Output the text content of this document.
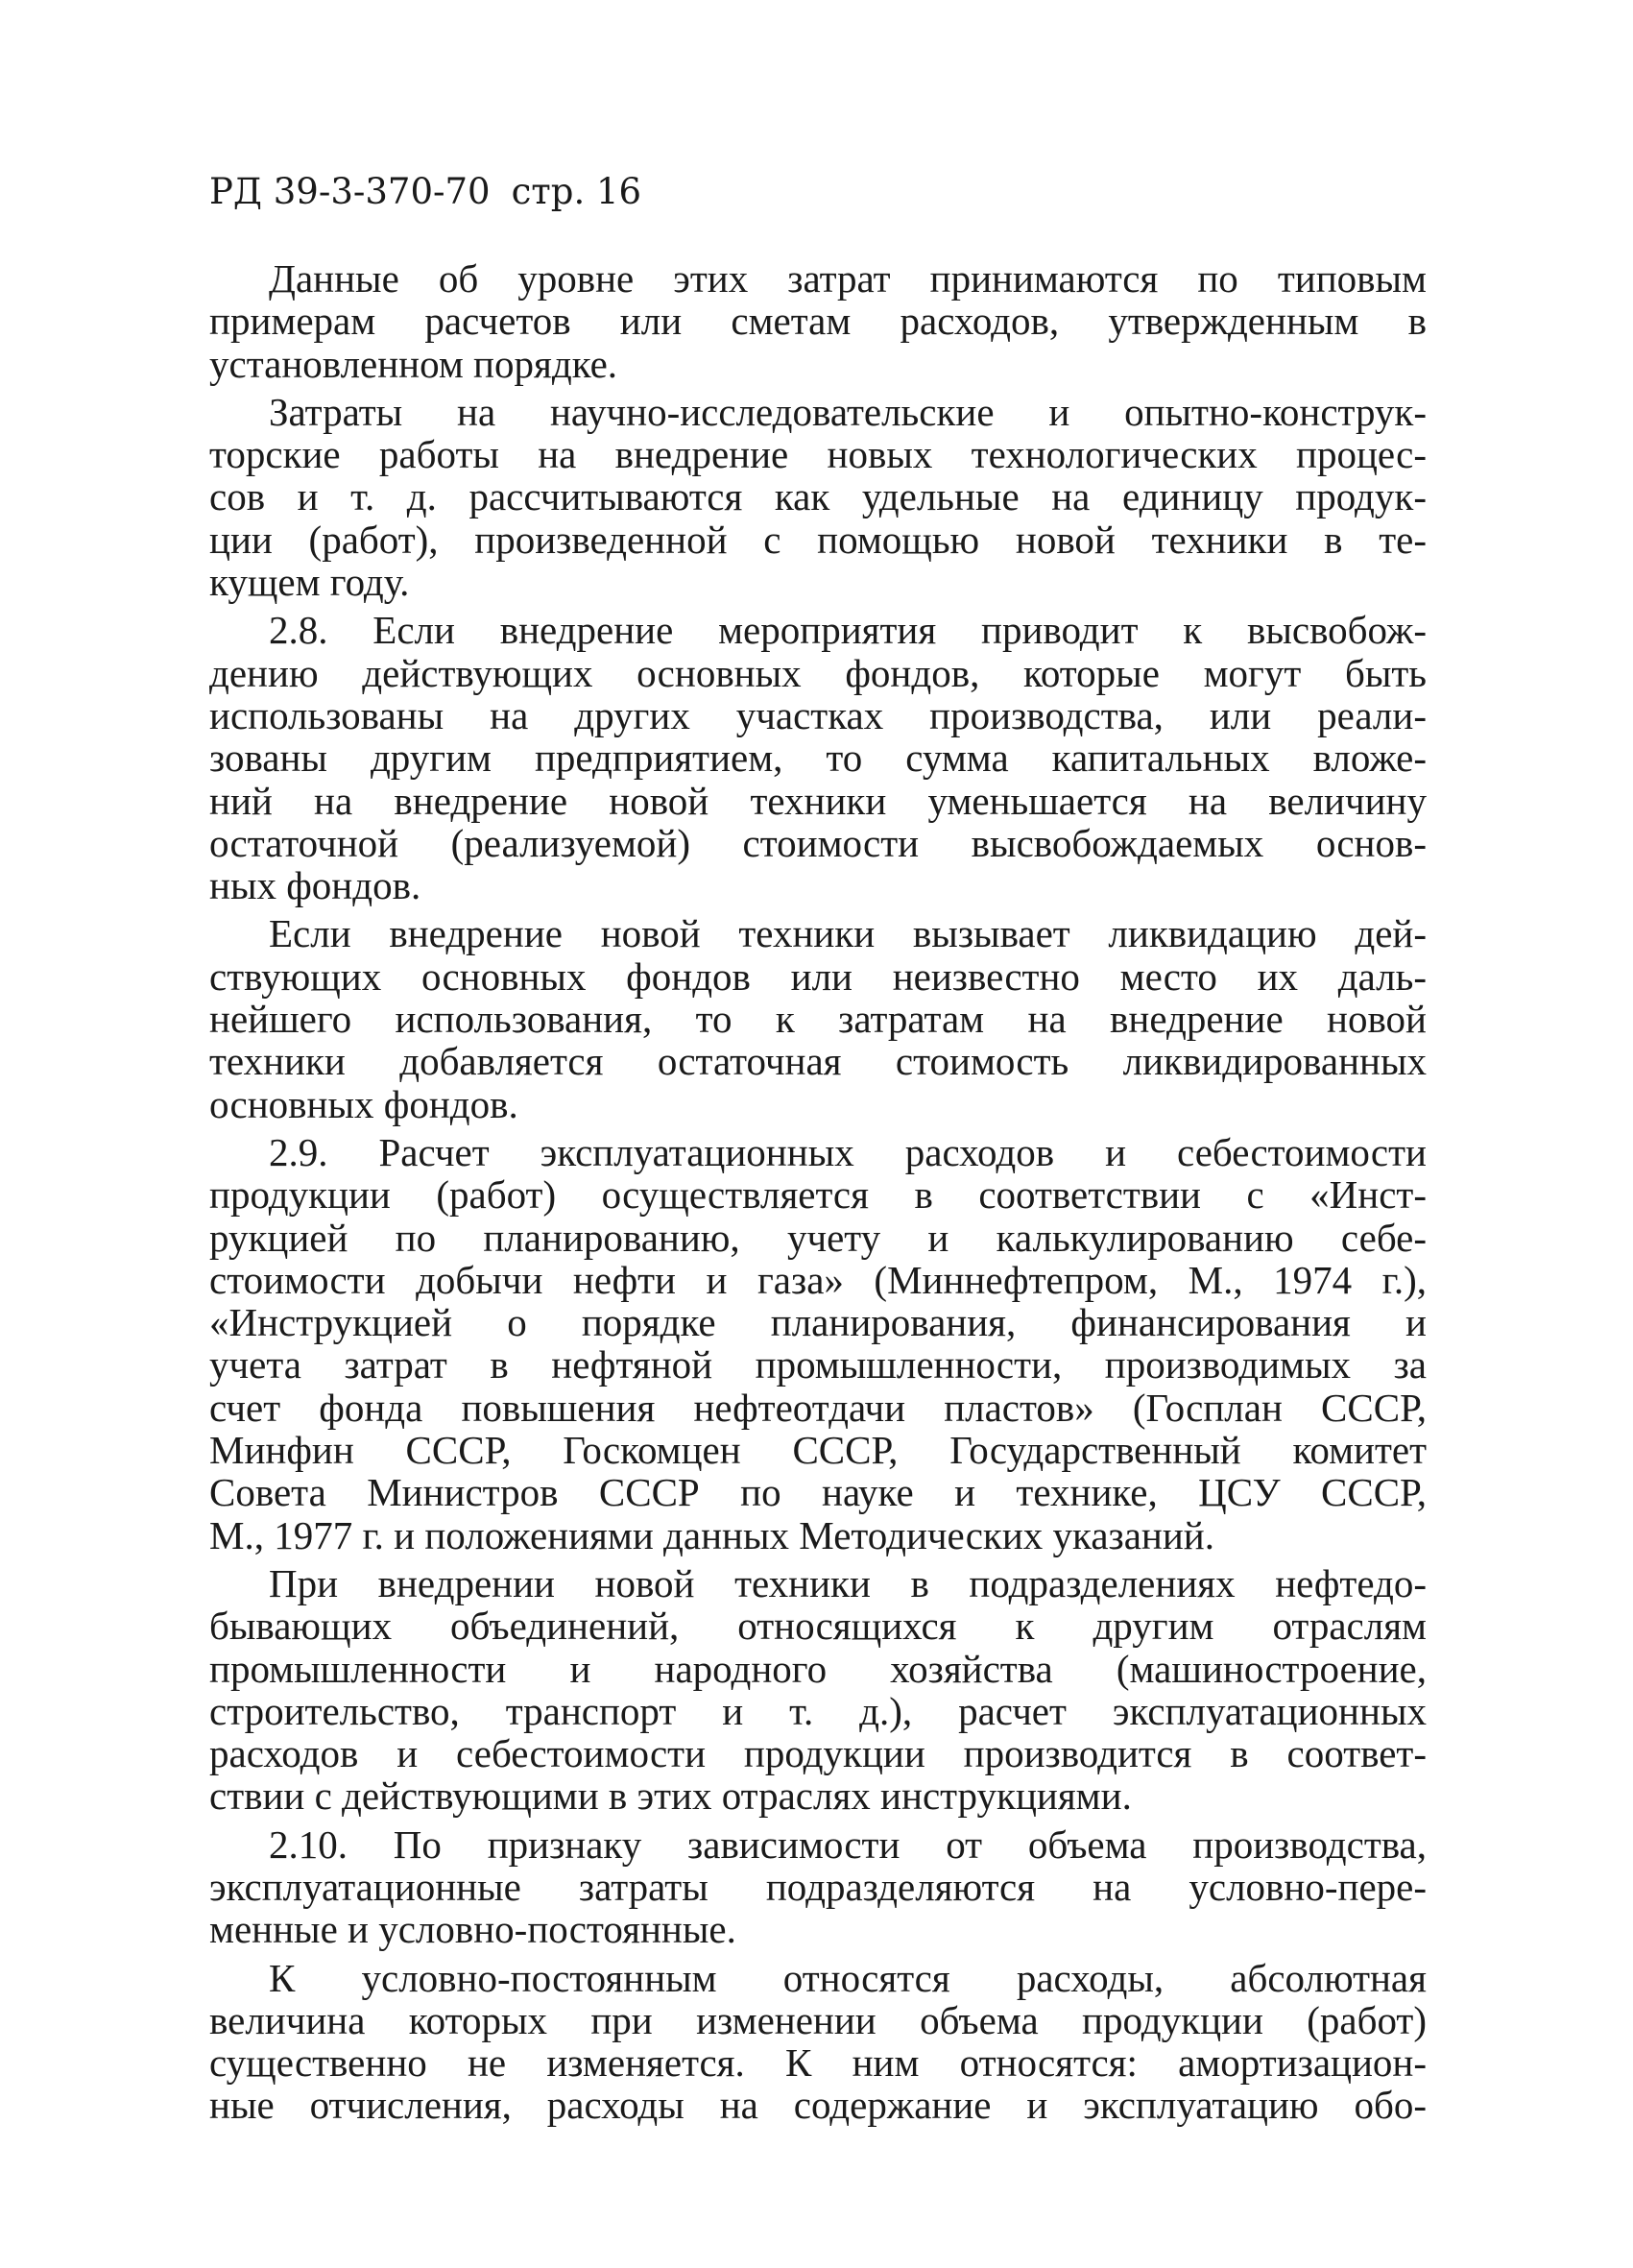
РД 39-3-370-70 стр. 16
Данные об уровне этих затрат принимаются по типовым
примерам расчетов или сметам расходов, утвержденным в
установленном порядке.
Затраты на научно-исследовательские и опытно-конструк-
торские работы на внедрение новых технологических процес-
сов и т. д. рассчитываются как удельные на единицу продук-
ции (работ), произведенной с помощью новой техники в те-
кущем году.
2.8. Если внедрение мероприятия приводит к высвобож-
дению действующих основных фондов, которые могут быть
использованы на других участках производства, или реали-
зованы другим предприятием, то сумма капитальных вложе-
ний на внедрение новой техники уменьшается на величину
остаточной (реализуемой) стоимости высвобождаемых основ-
ных фондов.
Если внедрение новой техники вызывает ликвидацию дей-
ствующих основных фондов или неизвестно место их даль-
нейшего использования, то к затратам на внедрение новой
техники добавляется остаточная стоимость ликвидированных
основных фондов.
2.9. Расчет эксплуатационных расходов и себестоимости
продукции (работ) осуществляется в соответствии с «Инст-
рукцией по планированию, учету и калькулированию себе-
стоимости добычи нефти и газа» (Миннефтепром, М., 1974 г.),
«Инструкцией о порядке планирования, финансирования и
учета затрат в нефтяной промышленности, производимых за
счет фонда повышения нефтеотдачи пластов» (Госплан СССР,
Минфин СССР, Госкомцен СССР, Государственный комитет
Совета Министров СССР по науке и технике, ЦСУ СССР,
М., 1977 г. и положениями данных Методических указаний.
При внедрении новой техники в подразделениях нефтедо-
бывающих объединений, относящихся к другим отраслям
промышленности и народного хозяйства (машиностроение,
строительство, транспорт и т. д.), расчет эксплуатационных
расходов и себестоимости продукции производится в соответ-
ствии с действующими в этих отраслях инструкциями.
2.10. По признаку зависимости от объема производства,
эксплуатационные затраты подразделяются на условно-пере-
менные и условно-постоянные.
К условно-постоянным относятся расходы, абсолютная
величина которых при изменении объема продукции (работ)
существенно не изменяется. К ним относятся: амортизацион-
ные отчисления, расходы на содержание и эксплуатацию обо-
